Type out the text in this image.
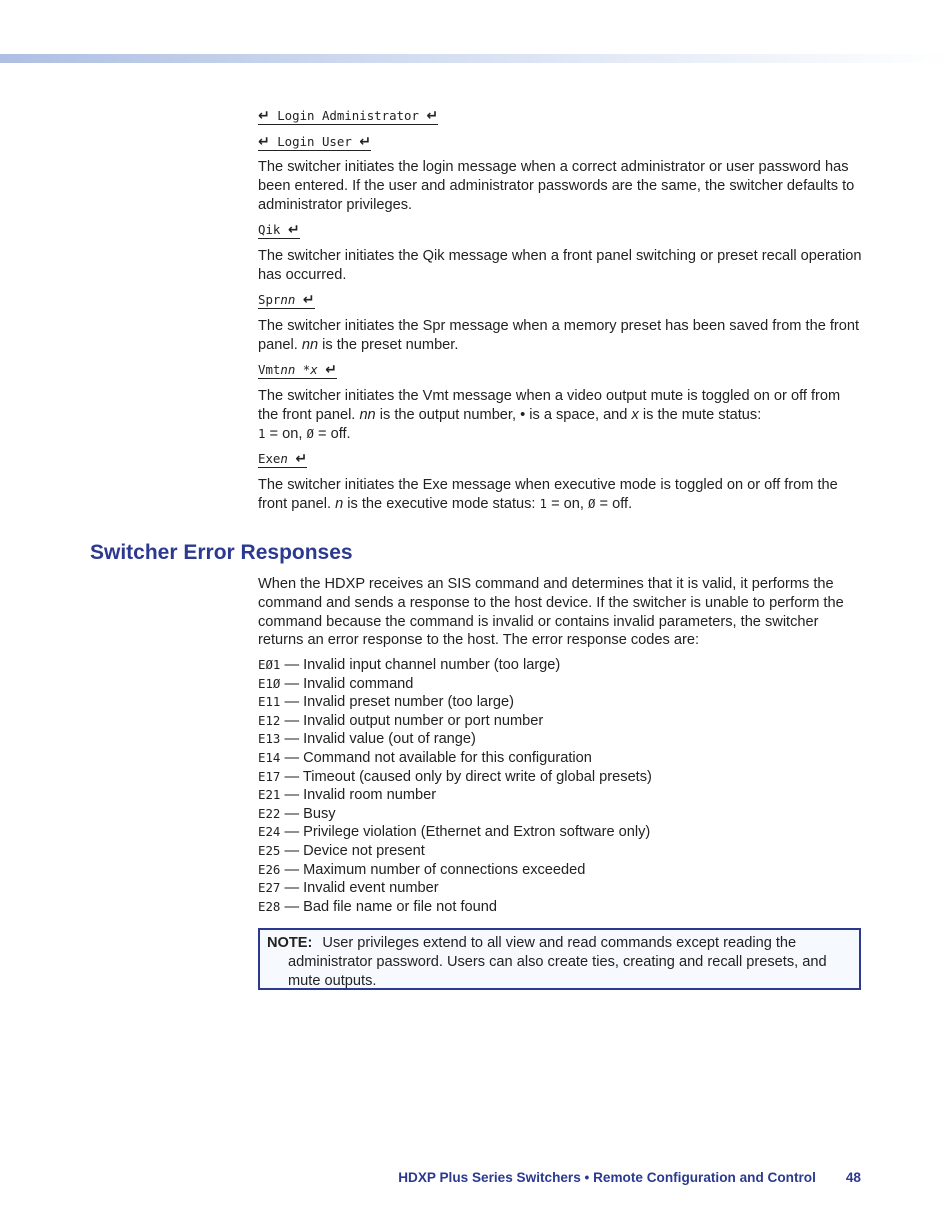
↵ Login Administrator ↵
↵ Login User ↵

The switcher initiates the login message when a correct administrator or user password has been entered. If the user and administrator passwords are the same, the switcher defaults to administrator privileges.

Qik ↵

The switcher initiates the Qik message when a front panel switching or preset recall operation has occurred.

Sprnn ↵

The switcher initiates the Spr message when a memory preset has been saved from the front panel. nn is the preset number.

Vmtnn *x ↵

The switcher initiates the Vmt message when a video output mute is toggled on or off from the front panel. nn is the output number, • is a space, and x is the mute status:
1 = on, Ø = off.

Exen ↵

The switcher initiates the Exe message when executive mode is toggled on or off from the front panel. n is the executive mode status: 1 = on, Ø = off.

Switcher Error Responses

When the HDXP receives an SIS command and determines that it is valid, it performs the command and sends a response to the host device. If the switcher is unable to perform the command because the command is invalid or contains invalid parameters, the switcher returns an error response to the host. The error response codes are:

EØ1 — Invalid input channel number (too large)
E1Ø — Invalid command
E11 — Invalid preset number (too large)
E12 — Invalid output number or port number
E13 — Invalid value (out of range)
E14 — Command not available for this configuration
E17 — Timeout (caused only by direct write of global presets)
E21 — Invalid room number
E22 — Busy
E24 — Privilege violation (Ethernet and Extron software only)
E25 — Device not present
E26 — Maximum number of connections exceeded
E27 — Invalid event number
E28 — Bad file name or file not found
NOTE: User privileges extend to all view and read commands except reading the
administrator password. Users can also create ties, creating and recall presets, and
mute outputs.
HDXP Plus Series Switchers • Remote Configuration and Control 48
